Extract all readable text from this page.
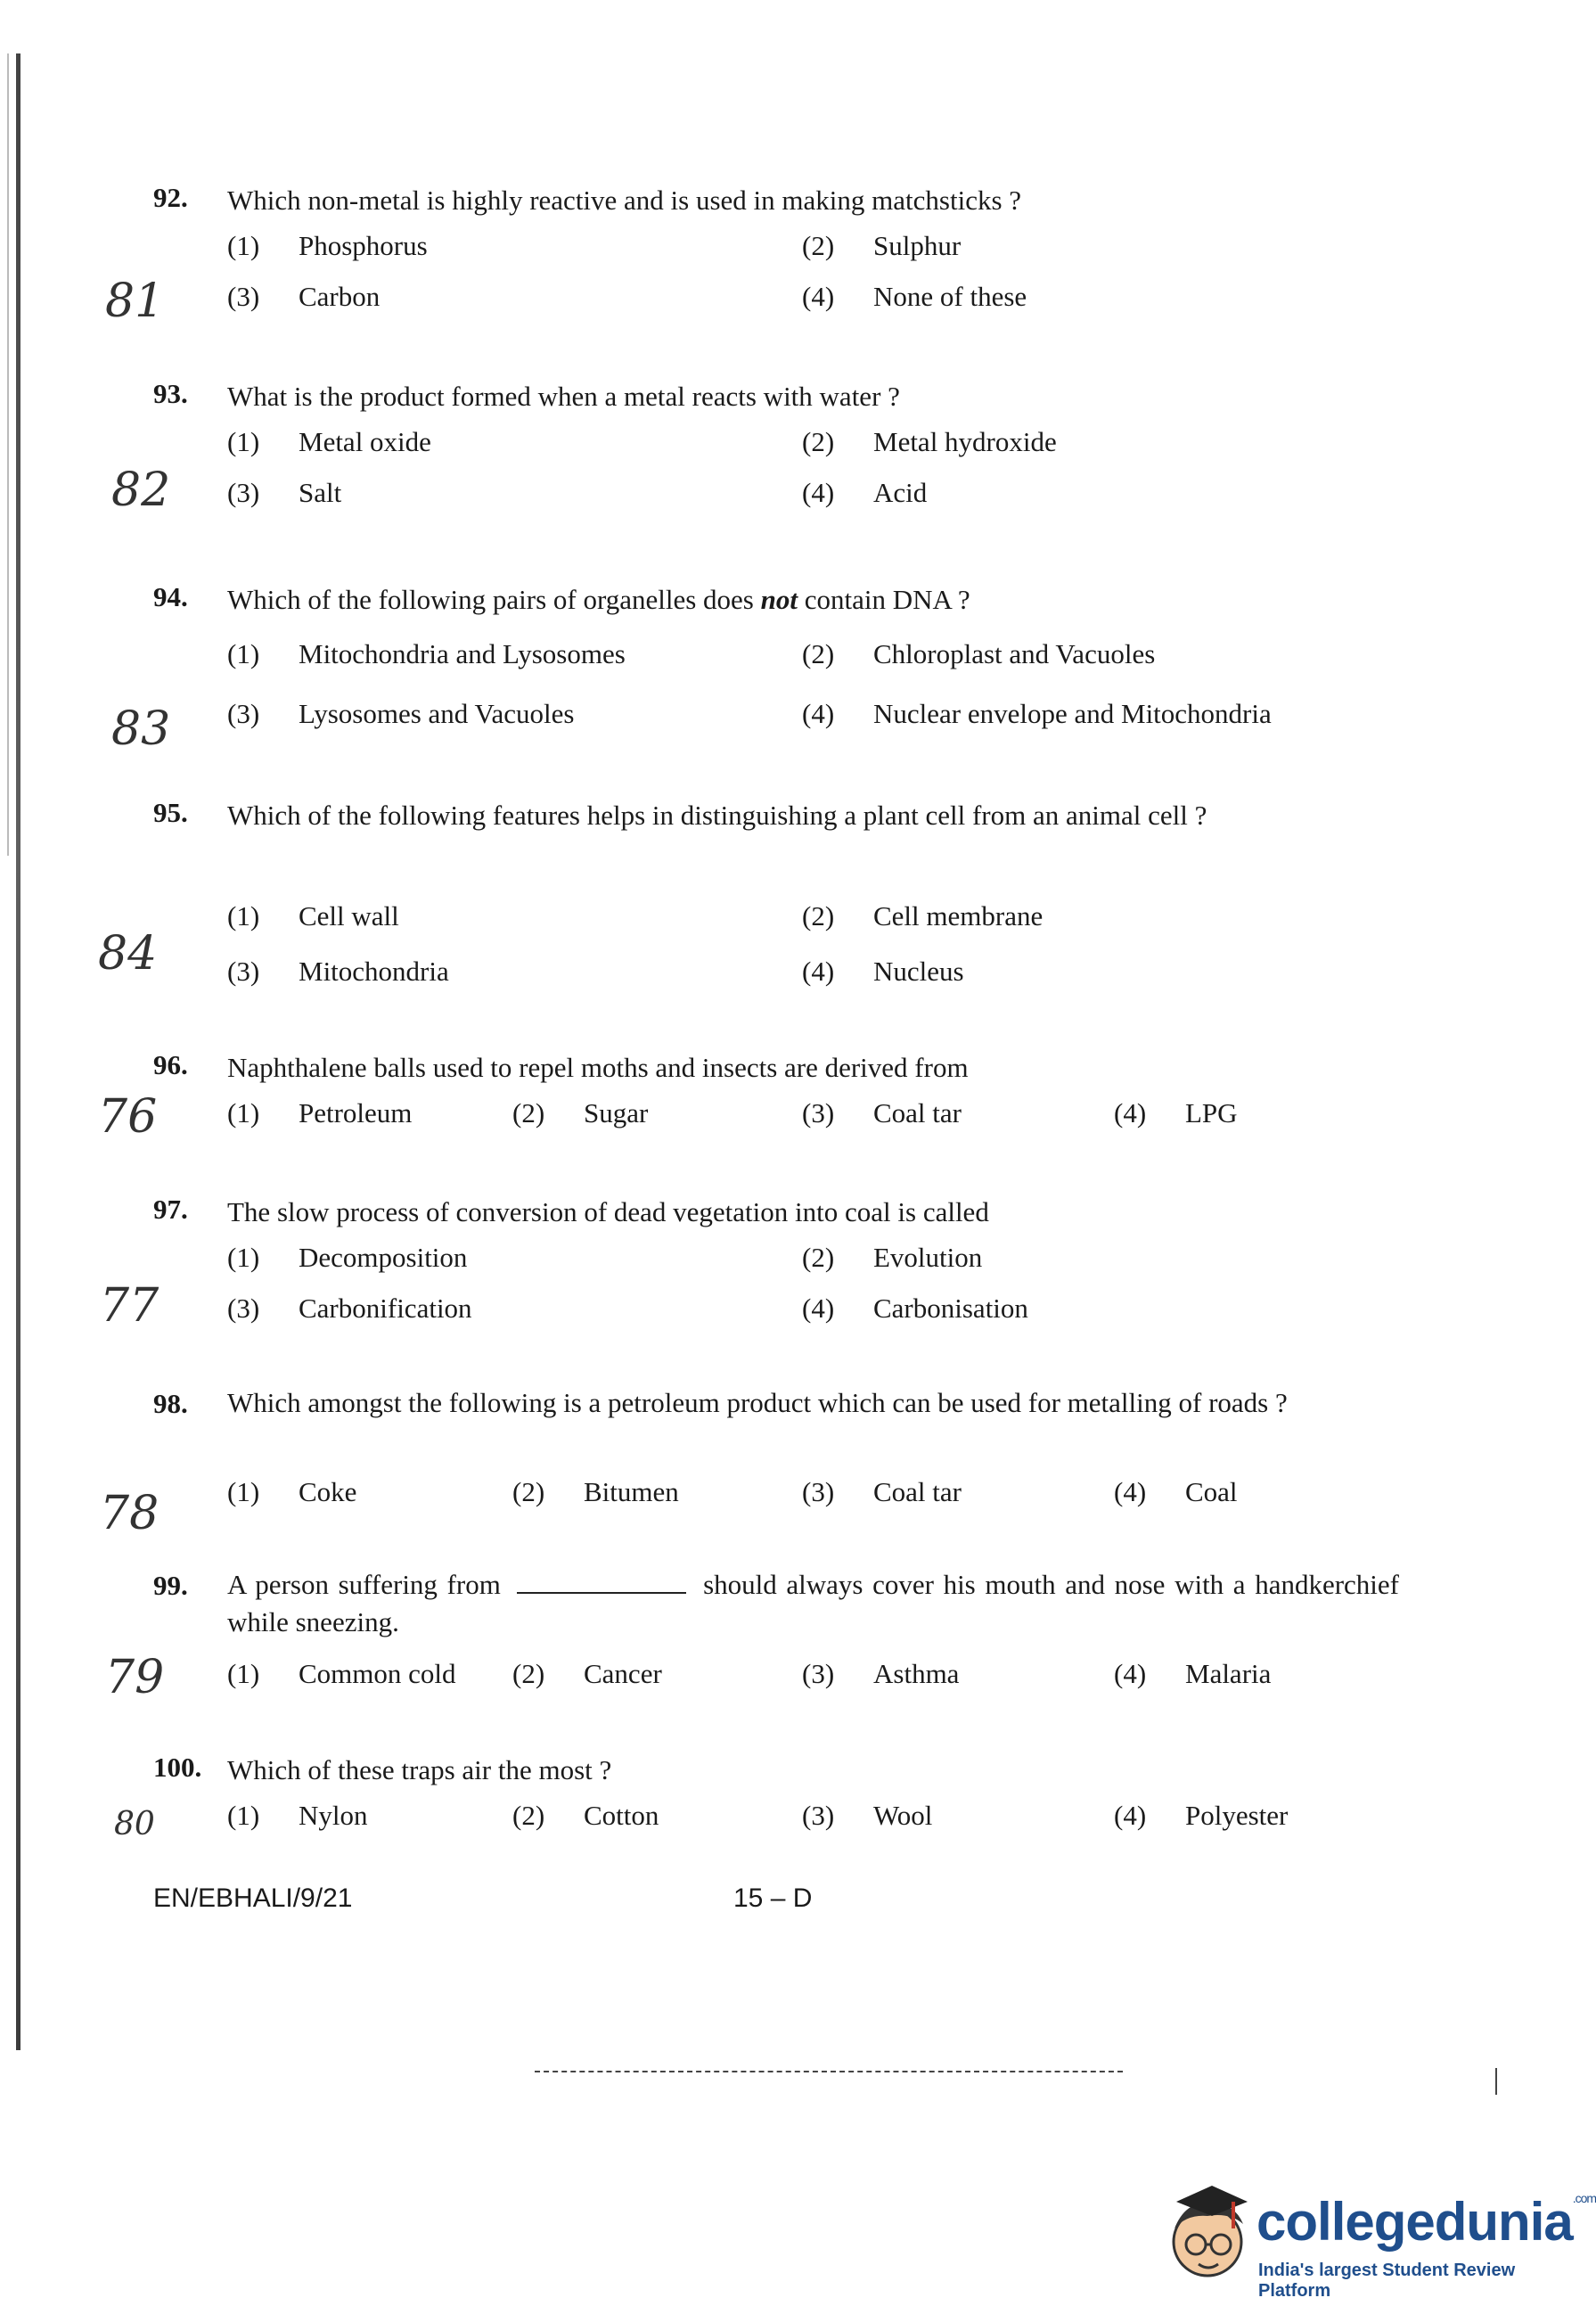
92. Which non-metal is highly reactive and is used in making matchsticks ?
(1) Phosphorus	(2) Sulphur
(3) Carbon	(4) None of these
81
93. What is the product formed when a metal reacts with water ?
(1) Metal oxide	(2) Metal hydroxide
(3) Salt	(4) Acid
82
94. Which of the following pairs of organelles does not contain DNA ?
(1) Mitochondria and Lysosomes	(2) Chloroplast and Vacuoles
(3) Lysosomes and Vacuoles	(4) Nuclear envelope and Mitochondria
83
95. Which of the following features helps in distinguishing a plant cell from an animal cell ?
(1) Cell wall	(2) Cell membrane
(3) Mitochondria	(4) Nucleus
84
96. Naphthalene balls used to repel moths and insects are derived from
(1) Petroleum	(2) Sugar	(3) Coal tar	(4) LPG
76
97. The slow process of conversion of dead vegetation into coal is called
(1) Decomposition	(2) Evolution
(3) Carbonification	(4) Carbonisation
77
98. Which amongst the following is a petroleum product which can be used for metalling of roads ?
(1) Coke	(2) Bitumen	(3) Coal tar	(4) Coal
78
99. A person suffering from	should always cover his mouth and nose with a handkerchief while sneezing.
(1) Common cold (2) Cancer	(3) Asthma	(4) Malaria
79
100. Which of these traps air the most ?
(1) Nylon	(2) Cotton	(3) Wool	(4) Polyester
80
EN/EBHALI/9/21	15 – D
collegedunia$^{.com}$
India's largest Student Review Platform
